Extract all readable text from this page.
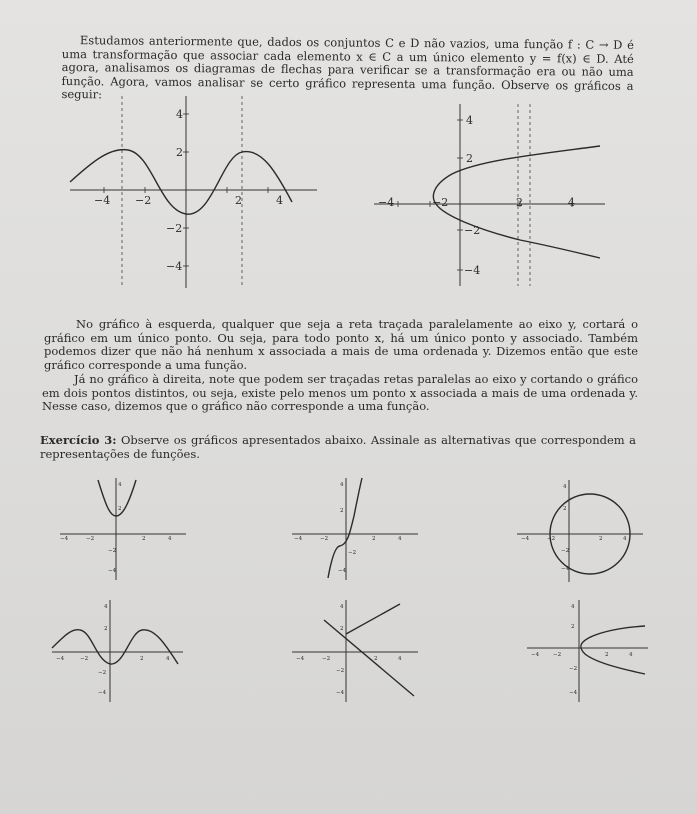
Estudamos anteriormente que, dados os conjuntos C e D não vazios, uma função f : C → D é uma transformação que associar cada elemento x ∈ C a um único elemento y = f(x) ∈ D. Até agora, analisamos os diagramas de flechas para verificar se a transformação era ou não uma função. Agora, vamos analisar se certo gráfico representa uma função. Observe os gráficos a seguir:
−4 −2	2	4
4
2
−2
−4
−4	−2	2	4
4
2
−2
−4

No gráfico à esquerda, qualquer que seja a reta traçada paralelamente ao eixo y, cortará o gráfico em um único ponto. Ou seja, para todo ponto x, há um único ponto y associado. Também podemos dizer que não há nenhum x associada a mais de uma ordenada y. Dizemos então que este gráfico corresponde a uma função.

Já no gráfico à direita, note que podem ser traçadas retas paralelas ao eixo y cortando o gráfico em dois pontos distintos, ou seja, existe pelo menos um ponto x associada a mais de uma ordenada y. Nesse caso, dizemos que o gráfico não corresponde a uma função.

Exercício 3: Observe os gráficos apresentados abaixo. Assinale as alternativas que correspondem a representações de funções.

−4	−2	2	4
4
2
−2
−4
−4	−2	2	4
4
2
−2
−4
−4	−2	2	4
4
2
−2
−4
−4	−2	2	4
4
2
−2
−4
−4	−2	2	4
4
2
−2
−4
−4	−2	2	4
4
2
−2
−4
